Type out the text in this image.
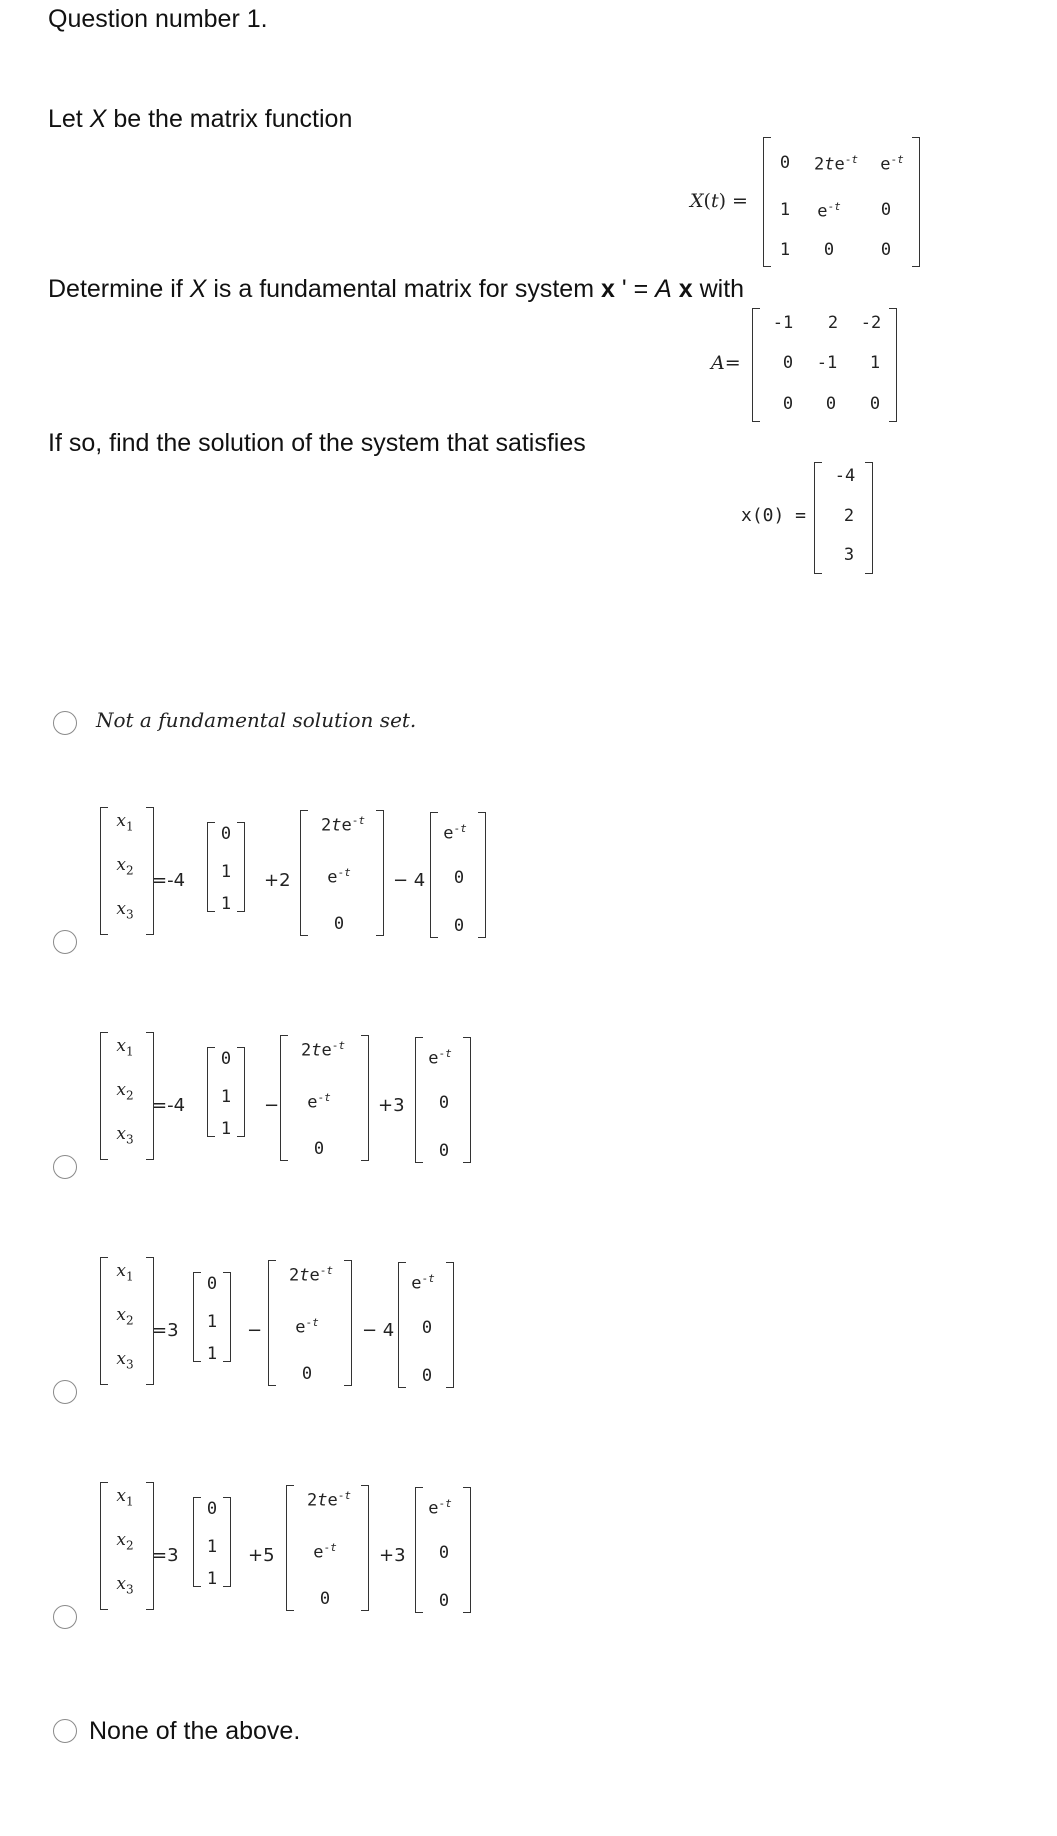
Question number 1.
Let X be the matrix function
X(t) =
0 $2te^{-t}$ $e^{-t}$
1 $e^{-t}$ 0
1 0	0
Determine if X is a fundamental matrix for system x ' = A x with
A=
-1 2 -2
0 -1 1
0 0 0
If so, find the solution of the system that satisfies
x(0) =
-4
2
3
Not a fundamental solution set.
$x_1$
$x_2$
$x_3$
=-4
0
1
1
+2
$2te^{-t}$
$e^{-t}$
0
− 4
$e^{-t}$
0
0
$x_1$
$x_2$
$x_3$
=-4
0
1
1
−
$2te^{-t}$
$e^{-t}$
0
+3
$e^{-t}$
0
0
$x_1$
$x_2$
$x_3$
=3
0
1
1
−
$2te^{-t}$
$e^{-t}$
0
− 4
$e^{-t}$
0
0
$x_1$
$x_2$
$x_3$
=3
0
1
1
+5
$2te^{-t}$
$e^{-t}$
0
+3
$e^{-t}$
0
0
None of the above.
